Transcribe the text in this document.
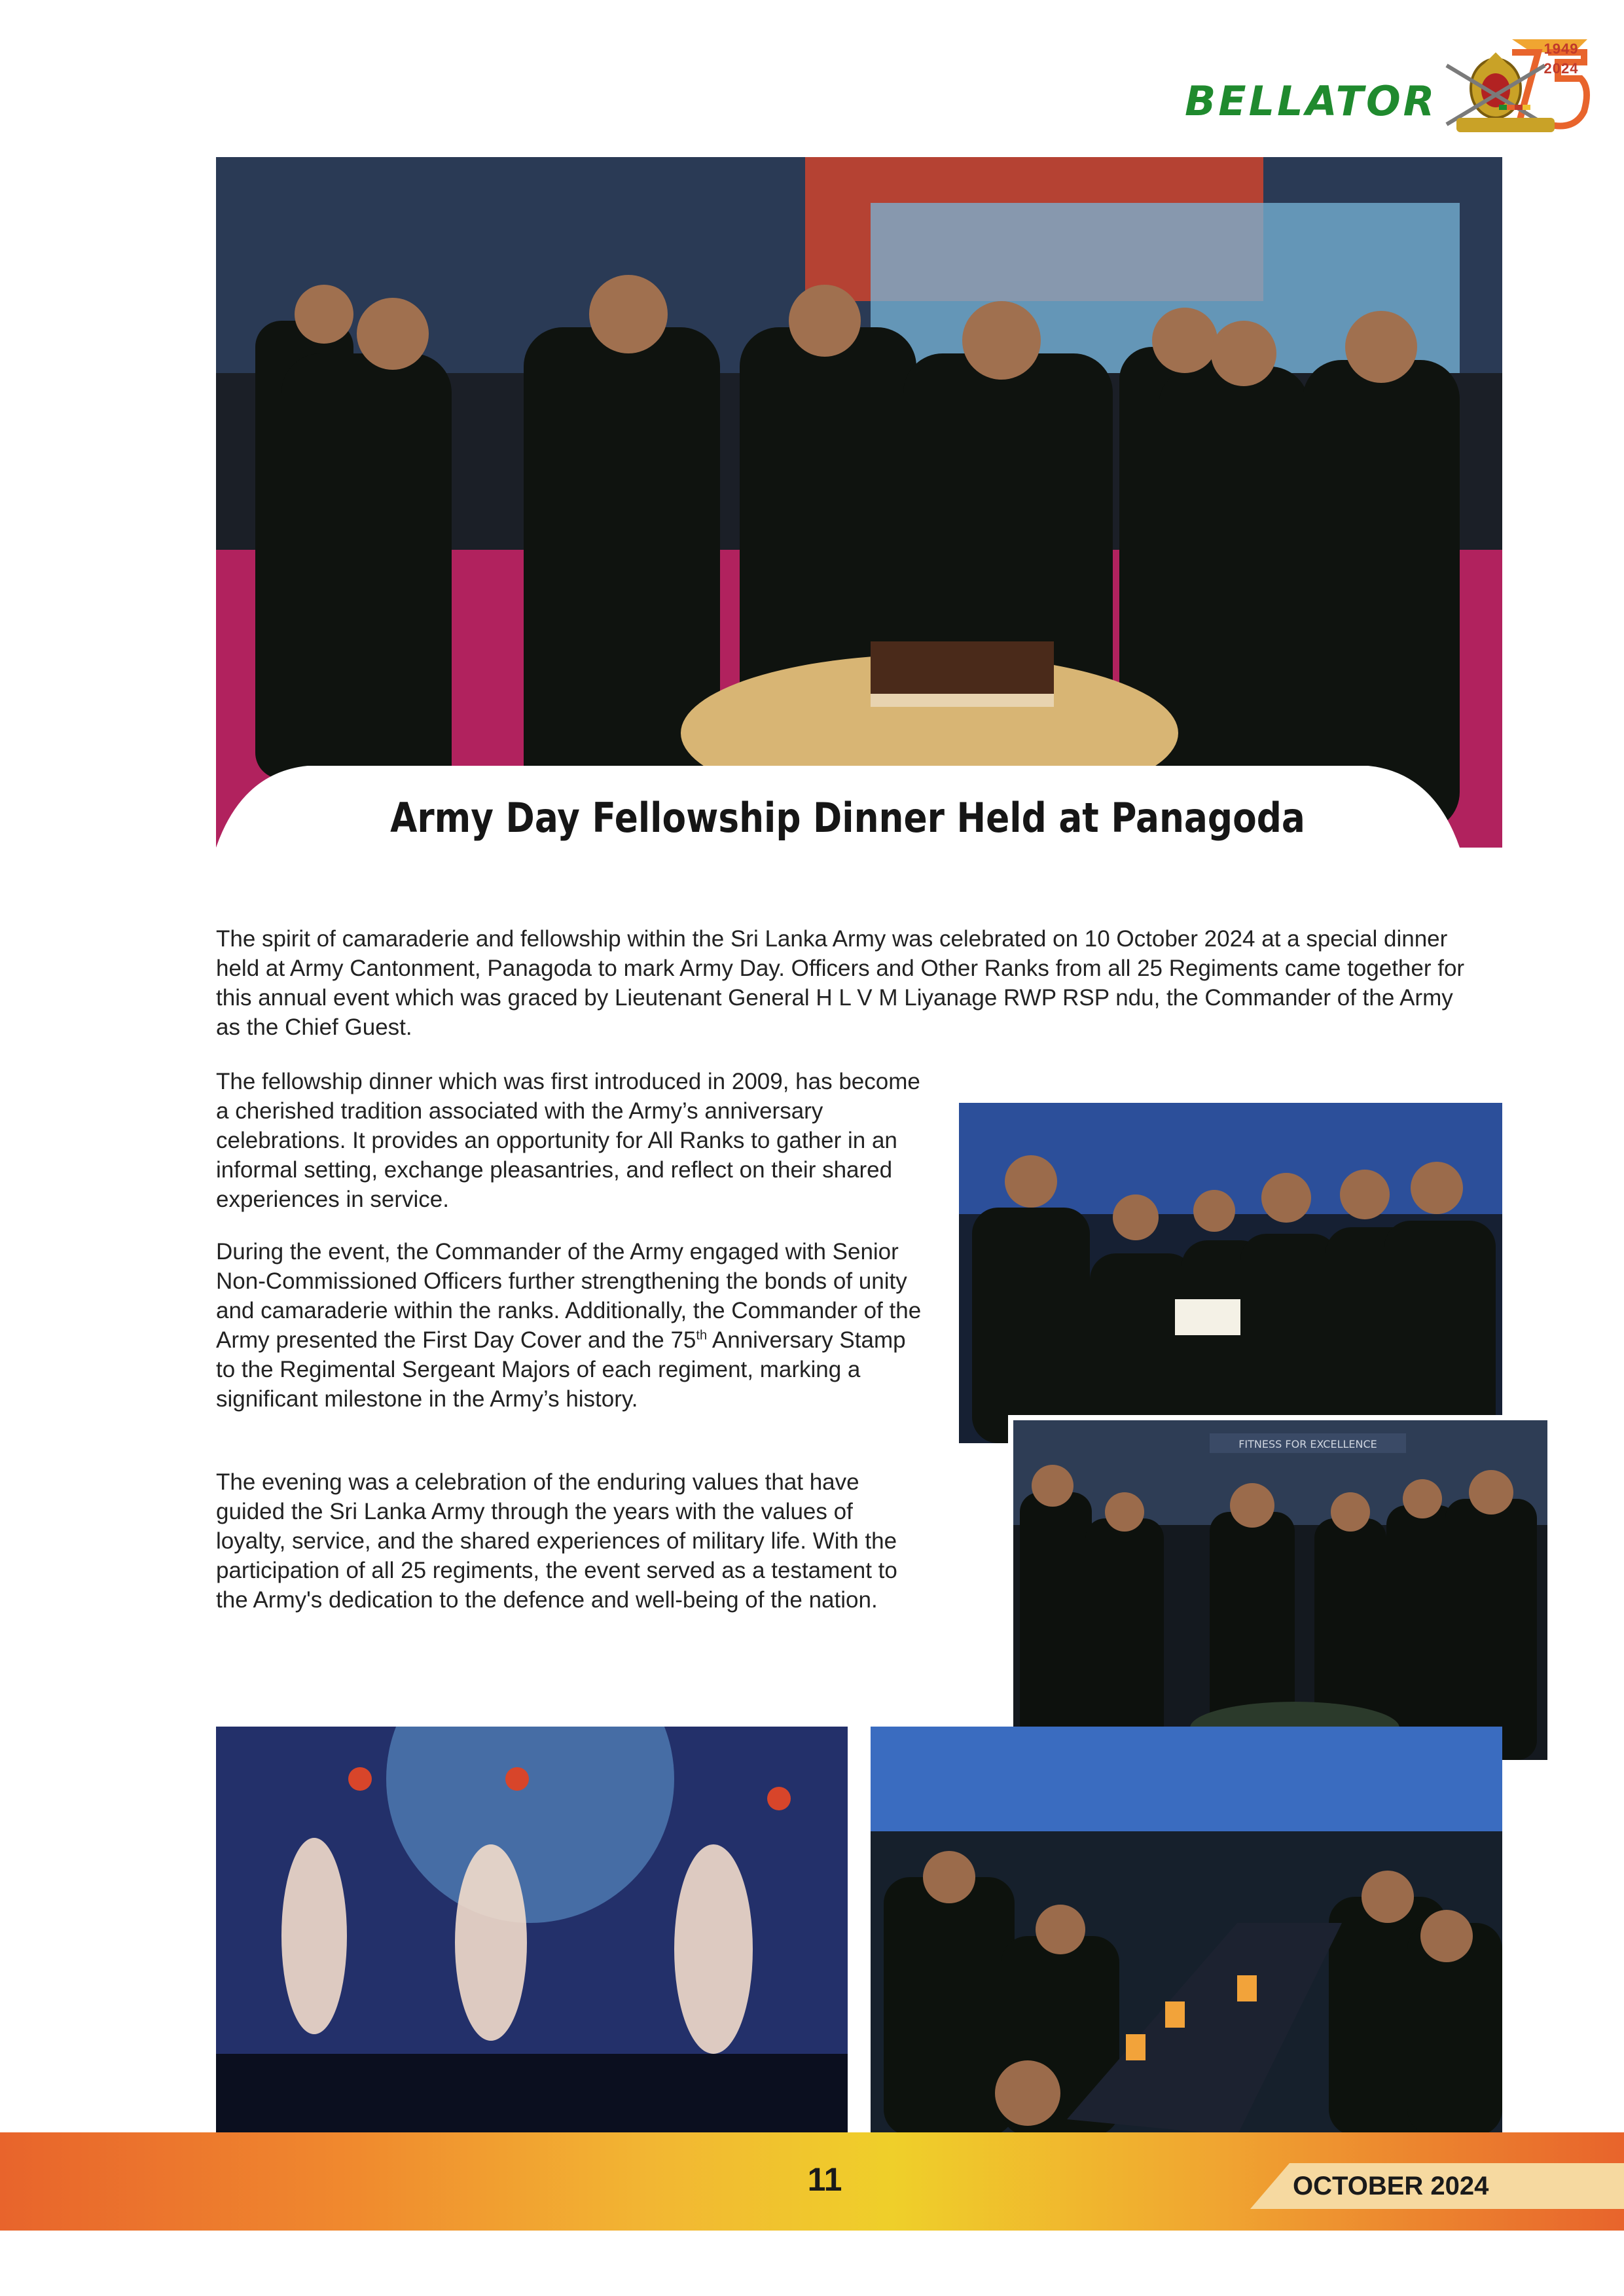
BELLATOR
1949 2024
Army Day Fellowship Dinner Held at Panagoda

The spirit of camaraderie and fellowship within the Sri Lanka Army was celebrated on 10 October 2024 at a special dinner held at Army Cantonment, Panagoda to mark Army Day. Officers and Other Ranks from all 25 Regiments came together for this annual event which was graced by Lieutenant General H L V M Liyanage RWP RSP ndu, the Commander of the Army as the Chief Guest.

The fellowship dinner which was first introduced in 2009, has become a cherished tradition associated with the Army’s anniversary celebrations. It provides an opportunity for All Ranks to gather in an informal setting, exchange pleasantries, and reflect on their shared experiences in service.

During the event, the Commander of the Army engaged with Senior Non-Commissioned Officers further strengthening the bonds of unity and camaraderie within the ranks. Additionally, the Commander of the Army presented the First Day Cover and the 75th Anniversary Stamp to the Regimental Sergeant Majors of each regiment, marking a significant milestone in the Army’s history.

The evening was a celebration of the enduring values that have guided the Sri Lanka Army through the years with the values of loyalty, service, and the shared experiences of military life. With the participation of all 25 regiments, the event served as a testament to the Army's dedication to the defence and well-being of the nation.

FITNESS FOR EXCELLENCE
11	OCTOBER 2024
